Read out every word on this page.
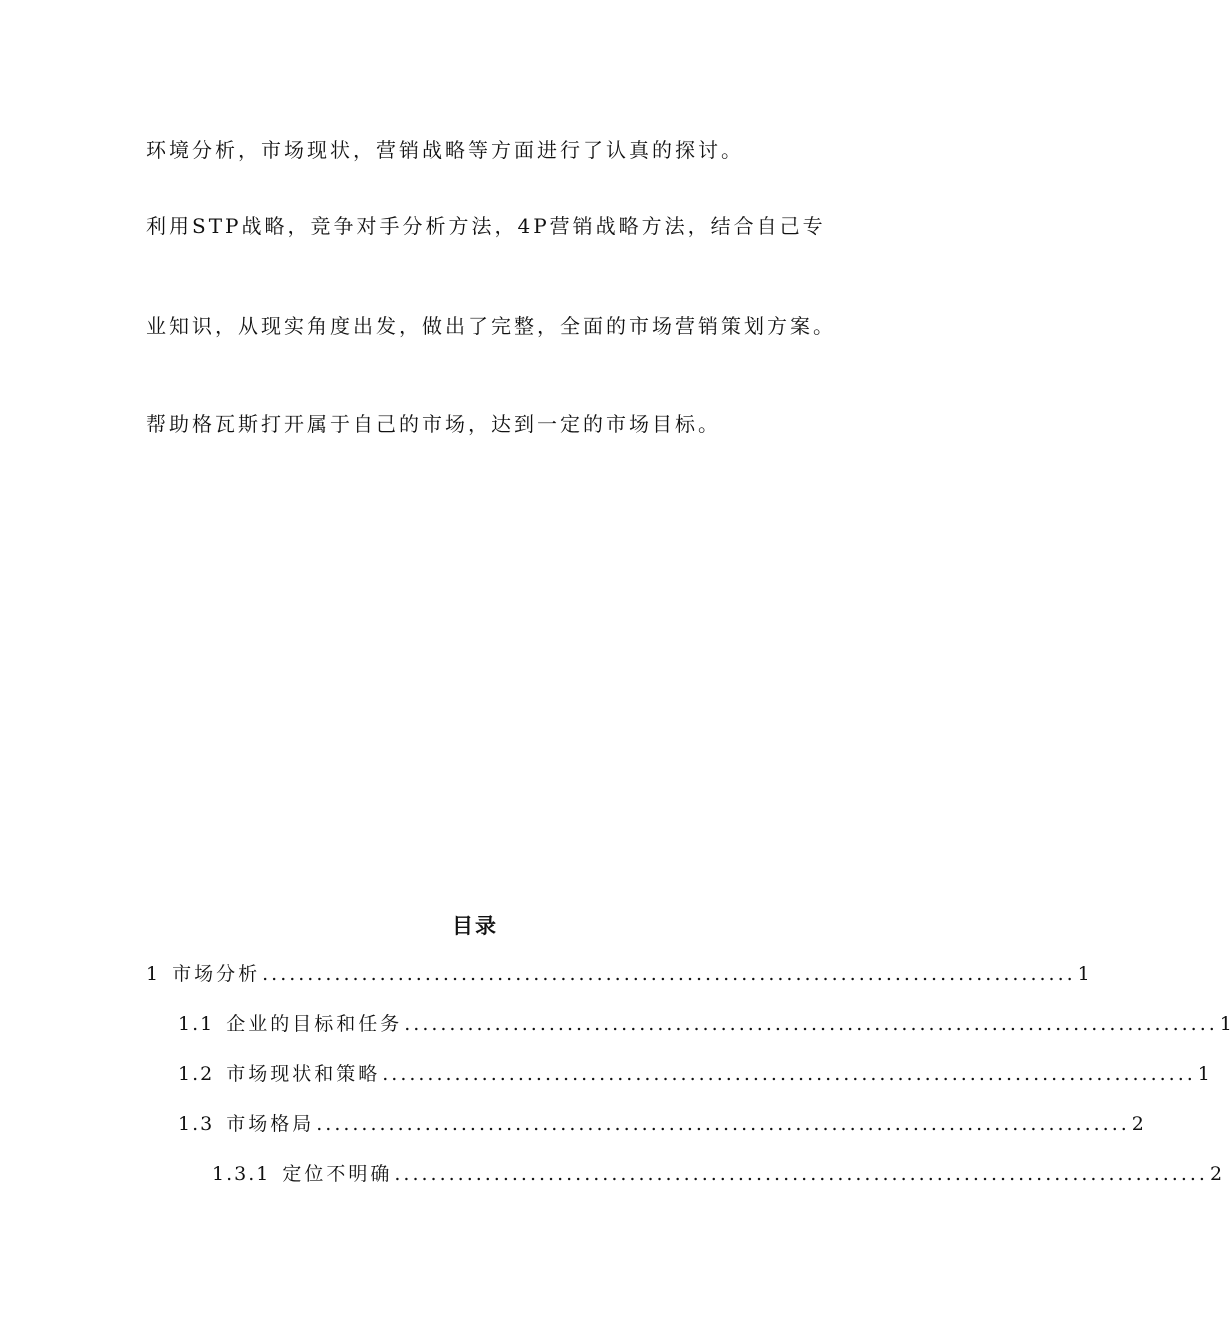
环境分析，市场现状，营销战略等方面进行了认真的探讨。

利用STP战略，竞争对手分析方法，4P营销战略方法，结合自己专

业知识，从现实角度出发，做出了完整，全面的市场营销策划方案。

帮助格瓦斯打开属于自己的市场，达到一定的市场目标。

目录
1 市场分析 .......................................................................................... 1
1.1 企业的目标和任务 .......................................................................................... 1
1.2 市场现状和策略 .......................................................................................... 1
1.3 市场格局 .......................................................................................... 2
1.3.1 定位不明确 .......................................................................................... 2
